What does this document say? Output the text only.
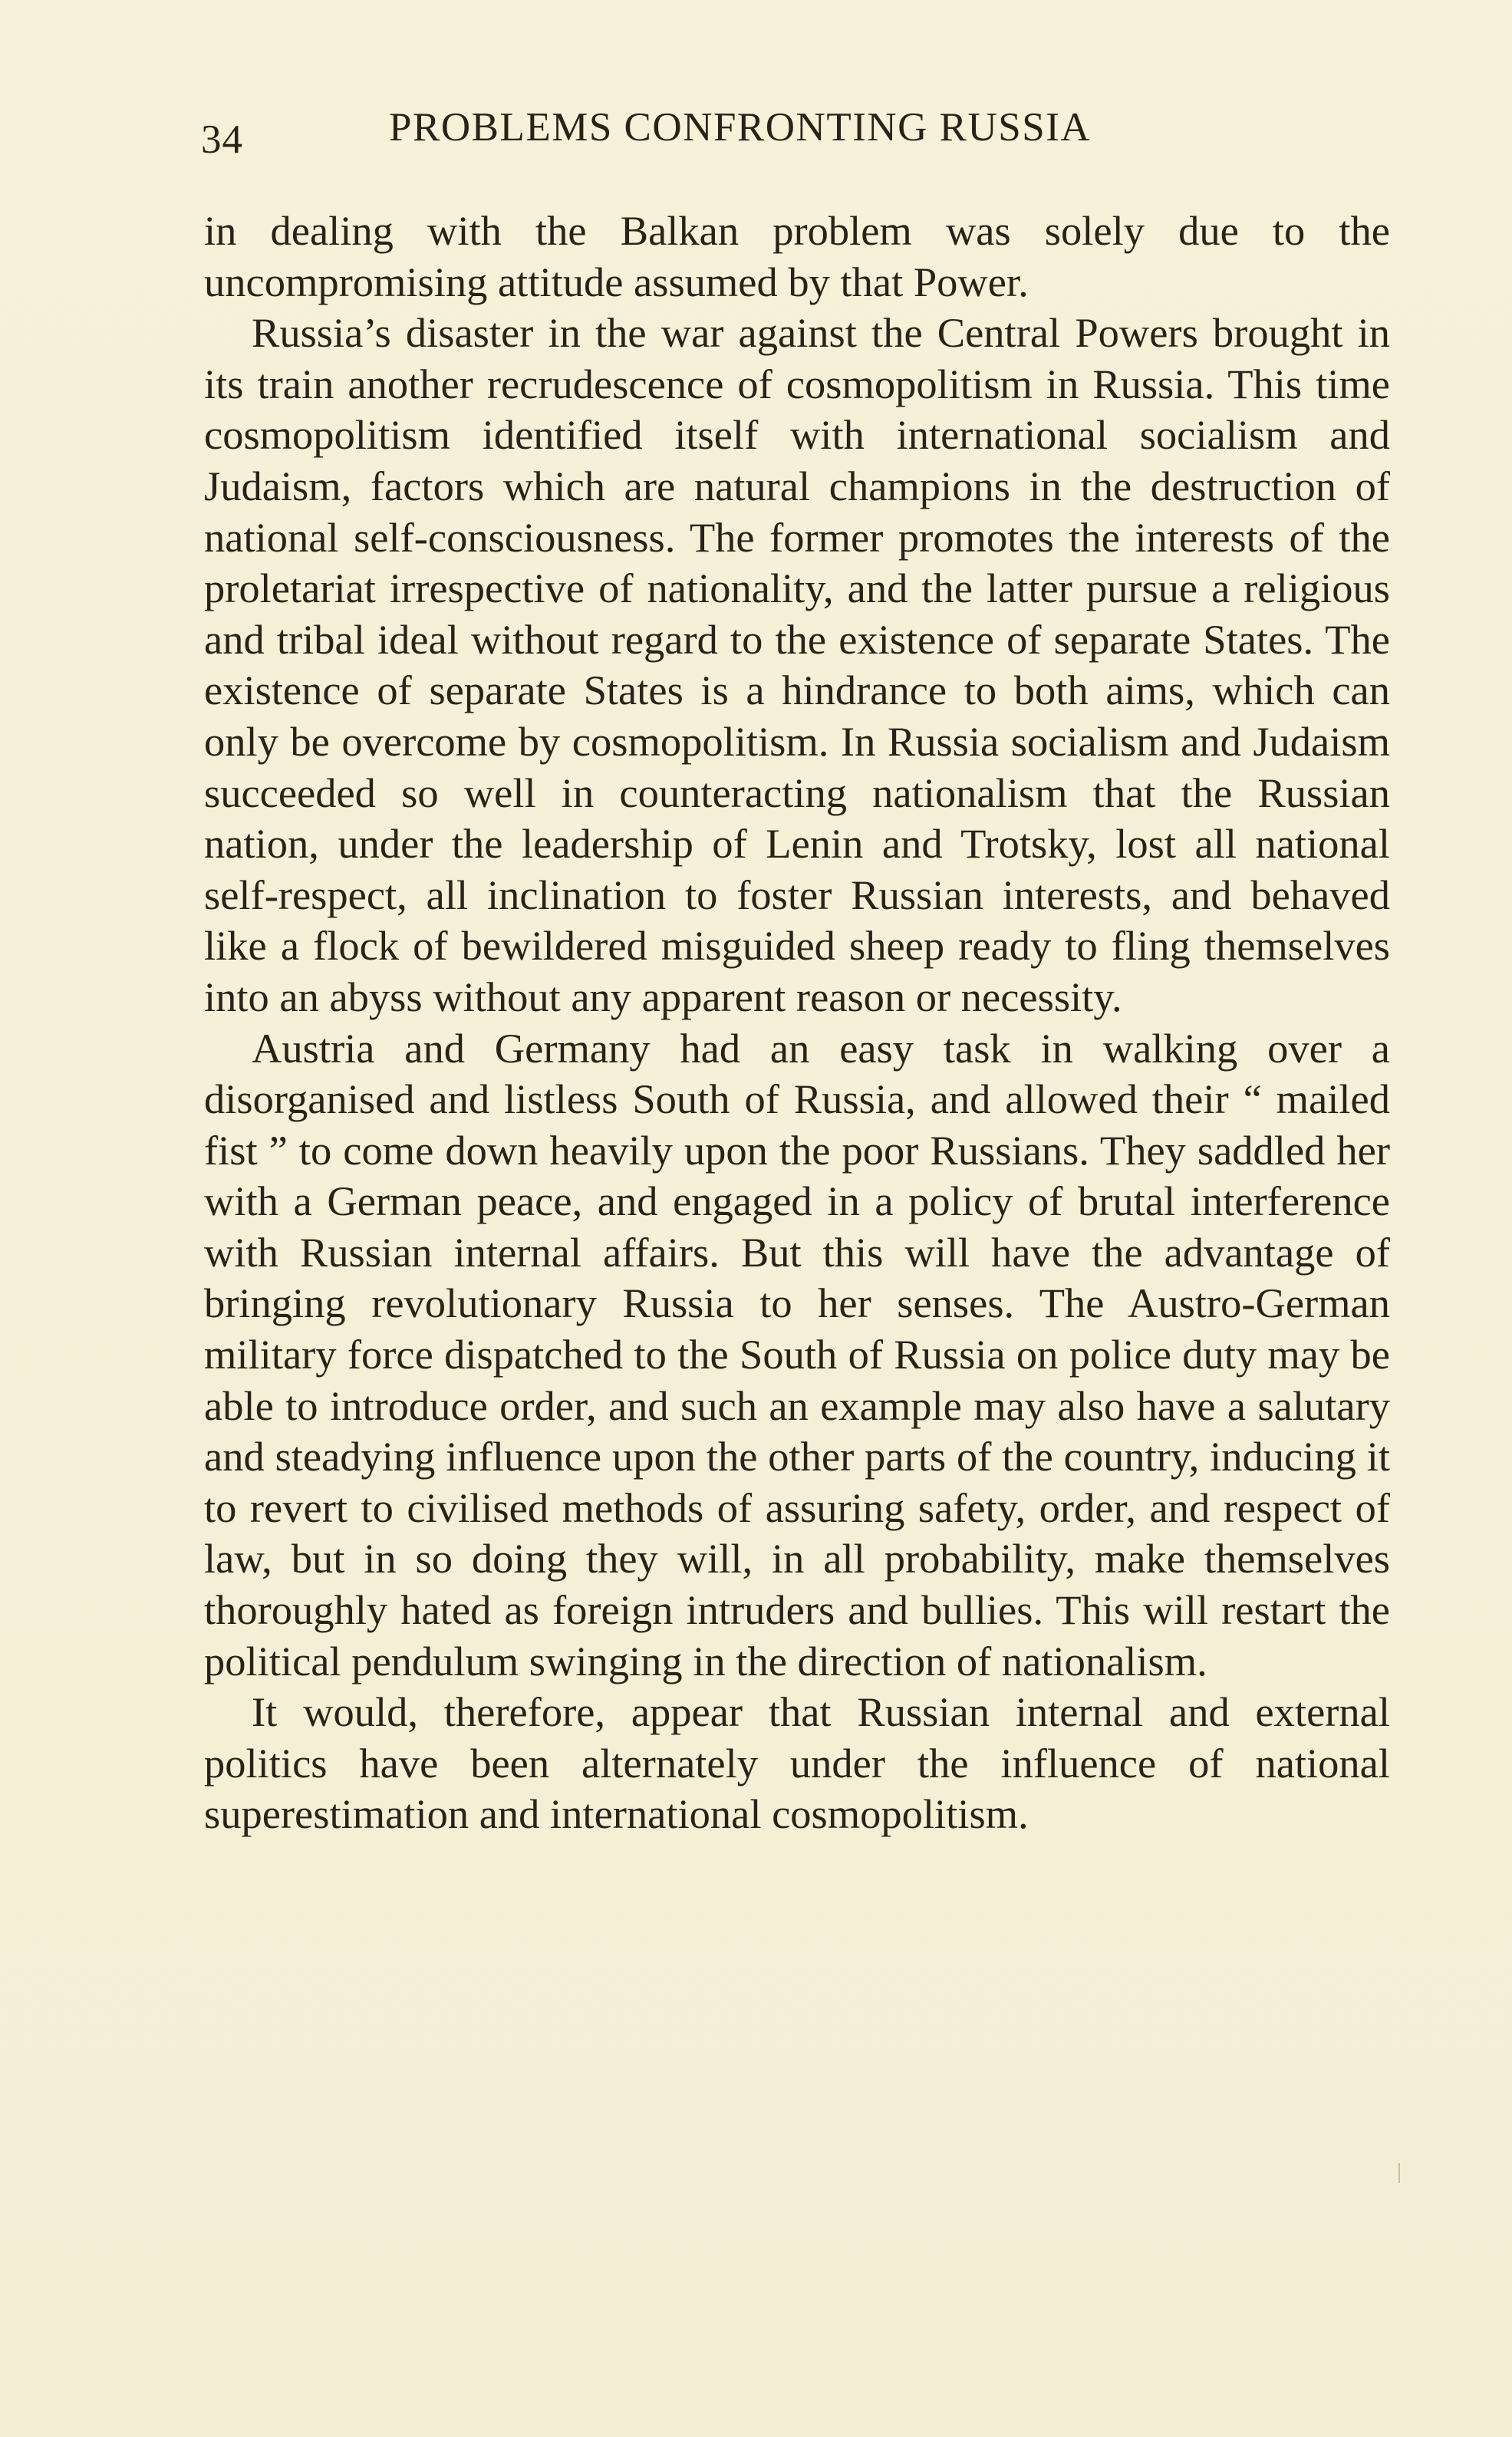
34	PROBLEMS CONFRONTING RUSSIA

in dealing with the Balkan problem was solely due to the uncompromising attitude assumed by that Power.

Russia’s disaster in the war against the Central Powers brought in its train another recrudescence of cosmopolitism in Russia. This time cosmopolitism identified itself with international socialism and Judaism, factors which are natural champions in the destruction of national self-consciousness. The former promotes the interests of the proletariat irrespective of nationality, and the latter pursue a religious and tribal ideal without regard to the existence of separate States. The existence of separate States is a hindrance to both aims, which can only be overcome by cosmopolitism. In Russia socialism and Judaism succeeded so well in counteracting nationalism that the Russian nation, under the leadership of Lenin and Trotsky, lost all national self-respect, all inclination to foster Russian interests, and behaved like a flock of bewildered misguided sheep ready to fling themselves into an abyss without any apparent reason or necessity.

Austria and Germany had an easy task in walking over a disorganised and listless South of Russia, and allowed their “ mailed fist ” to come down heavily upon the poor Russians. They saddled her with a German peace, and engaged in a policy of brutal interference with Russian internal affairs. But this will have the advantage of bringing revolutionary Russia to her senses. The Austro-German military force dispatched to the South of Russia on police duty may be able to introduce order, and such an example may also have a salutary and steadying influence upon the other parts of the country, inducing it to revert to civilised methods of assuring safety, order, and respect of law, but in so doing they will, in all probability, make themselves thoroughly hated as foreign intruders and bullies. This will restart the political pendulum swinging in the direction of nationalism.

It would, therefore, appear that Russian internal and external politics have been alternately under the influence of national superestimation and international cosmopolitism.
